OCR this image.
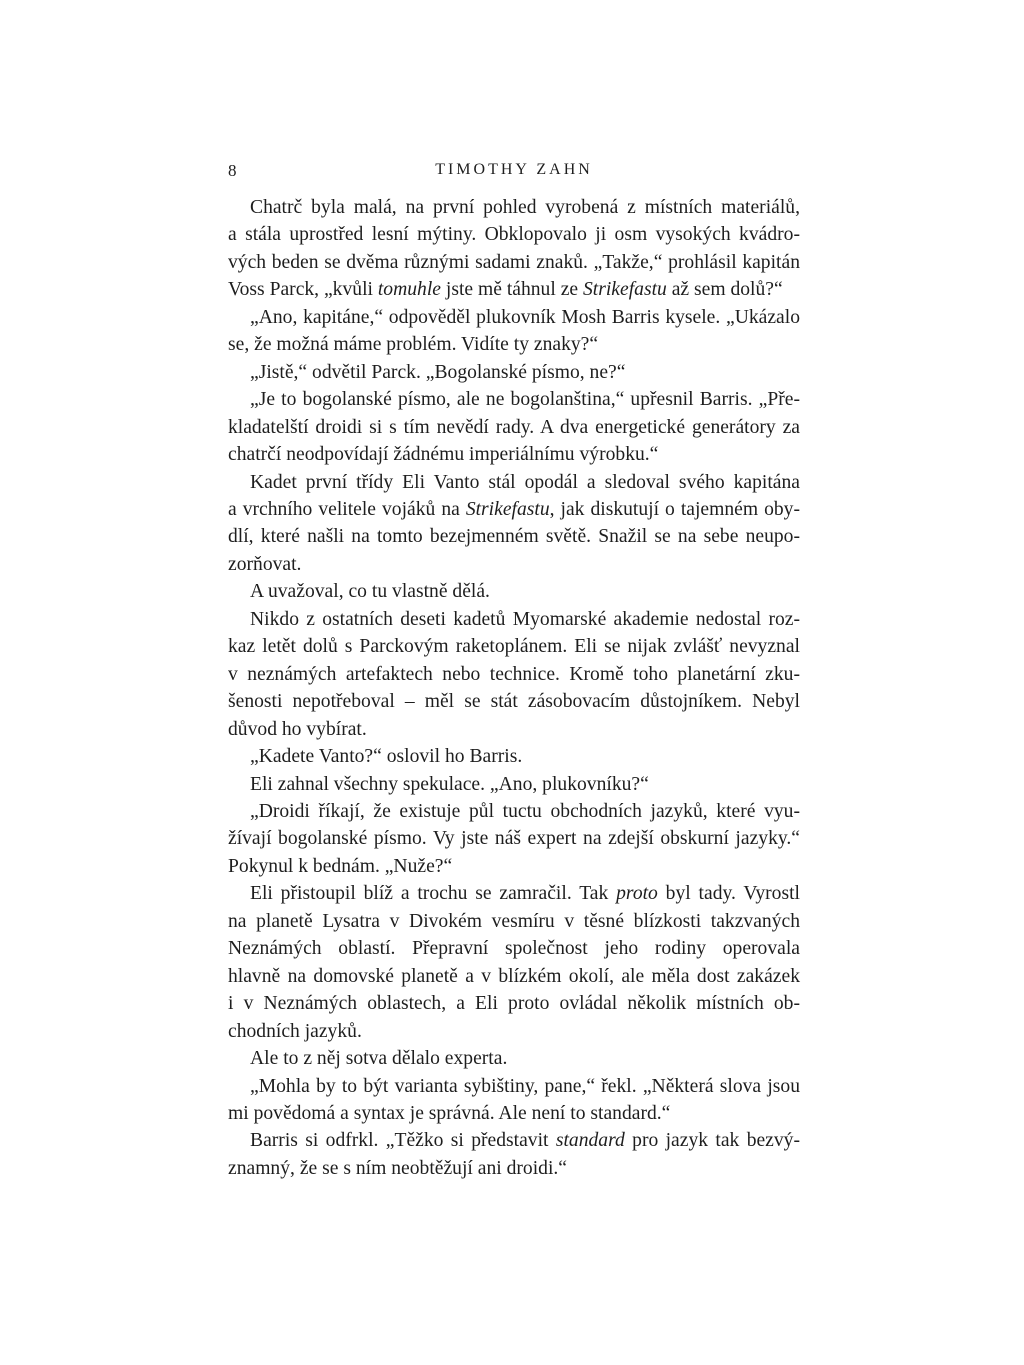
8	TIMOTHY ZAHN

Chatrč byla malá, na první pohled vyrobená z místních materiálů,
a stála uprostřed lesní mýtiny. Obklopovalo ji osm vysokých kvádro-
vých beden se dvěma různými sadami znaků. „Takže,“ prohlásil kapitán
Voss Parck, „kvůli tomuhle jste mě táhnul ze Strikefastu až sem dolů?“

„Ano, kapitáne,“ odpověděl plukovník Mosh Barris kysele. „Ukázalo
se, že možná máme problém. Vidíte ty znaky?“

„Jistě,“ odvětil Parck. „Bogolanské písmo, ne?“

„Je to bogolanské písmo, ale ne bogolanština,“ upřesnil Barris. „Pře-
kladatelští droidi si s tím nevědí rady. A dva energetické generátory za
chatrčí neodpovídají žádnému imperiálnímu výrobku.“

Kadet první třídy Eli Vanto stál opodál a sledoval svého kapitána
a vrchního velitele vojáků na Strikefastu, jak diskutují o tajemném oby-
dlí, které našli na tomto bezejmenném světě. Snažil se na sebe neupo-
zorňovat.

A uvažoval, co tu vlastně dělá.

Nikdo z ostatních deseti kadetů Myomarské akademie nedostal roz-
kaz letět dolů s Parckovým raketoplánem. Eli se nijak zvlášť nevyznal
v neznámých artefaktech nebo technice. Kromě toho planetární zku-
šenosti nepotřeboval – měl se stát zásobovacím důstojníkem. Nebyl
důvod ho vybírat.

„Kadete Vanto?“ oslovil ho Barris.

Eli zahnal všechny spekulace. „Ano, plukovníku?“

„Droidi říkají, že existuje půl tuctu obchodních jazyků, které vyu-
žívají bogolanské písmo. Vy jste náš expert na zdejší obskurní jazyky.“
Pokynul k bednám. „Nuže?“

Eli přistoupil blíž a trochu se zamračil. Tak proto byl tady. Vyrostl
na planetě Lysatra v Divokém vesmíru v těsné blízkosti takzvaných
Neznámých oblastí. Přepravní společnost jeho rodiny operovala
hlavně na domovské planetě a v blízkém okolí, ale měla dost zakázek
i v Neznámých oblastech, a Eli proto ovládal několik místních ob-
chodních jazyků.

Ale to z něj sotva dělalo experta.

„Mohla by to být varianta sybištiny, pane,“ řekl. „Některá slova jsou
mi povědomá a syntax je správná. Ale není to standard.“

Barris si odfrkl. „Těžko si představit standard pro jazyk tak bezvý-
znamný, že se s ním neobtěžují ani droidi.“
